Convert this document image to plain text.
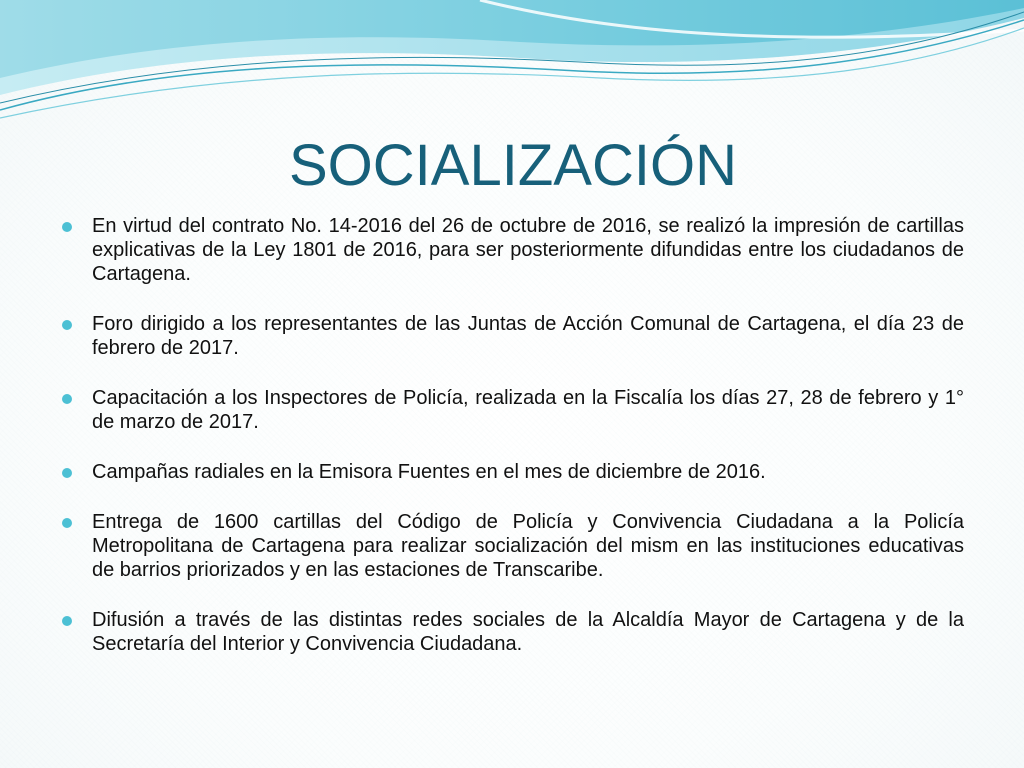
SOCIALIZACIÓN
En virtud del contrato No. 14-2016 del 26 de octubre de 2016, se realizó la impresión de cartillas explicativas de la Ley 1801 de 2016, para ser posteriormente difundidas entre los ciudadanos de Cartagena.
Foro dirigido a los representantes de las Juntas de Acción Comunal de Cartagena, el día 23 de febrero de 2017.
Capacitación a los Inspectores de Policía, realizada en la Fiscalía los días 27, 28 de febrero y 1° de marzo de 2017.
Campañas radiales en la Emisora Fuentes en el mes de diciembre de 2016.
Entrega de 1600 cartillas del Código de Policía y Convivencia Ciudadana a la Policía Metropolitana de Cartagena para realizar socialización del mism en las instituciones educativas de barrios priorizados y en las estaciones de Transcaribe.
Difusión a través de las distintas redes sociales de la Alcaldía Mayor de Cartagena y de la Secretaría del Interior y Convivencia Ciudadana.
